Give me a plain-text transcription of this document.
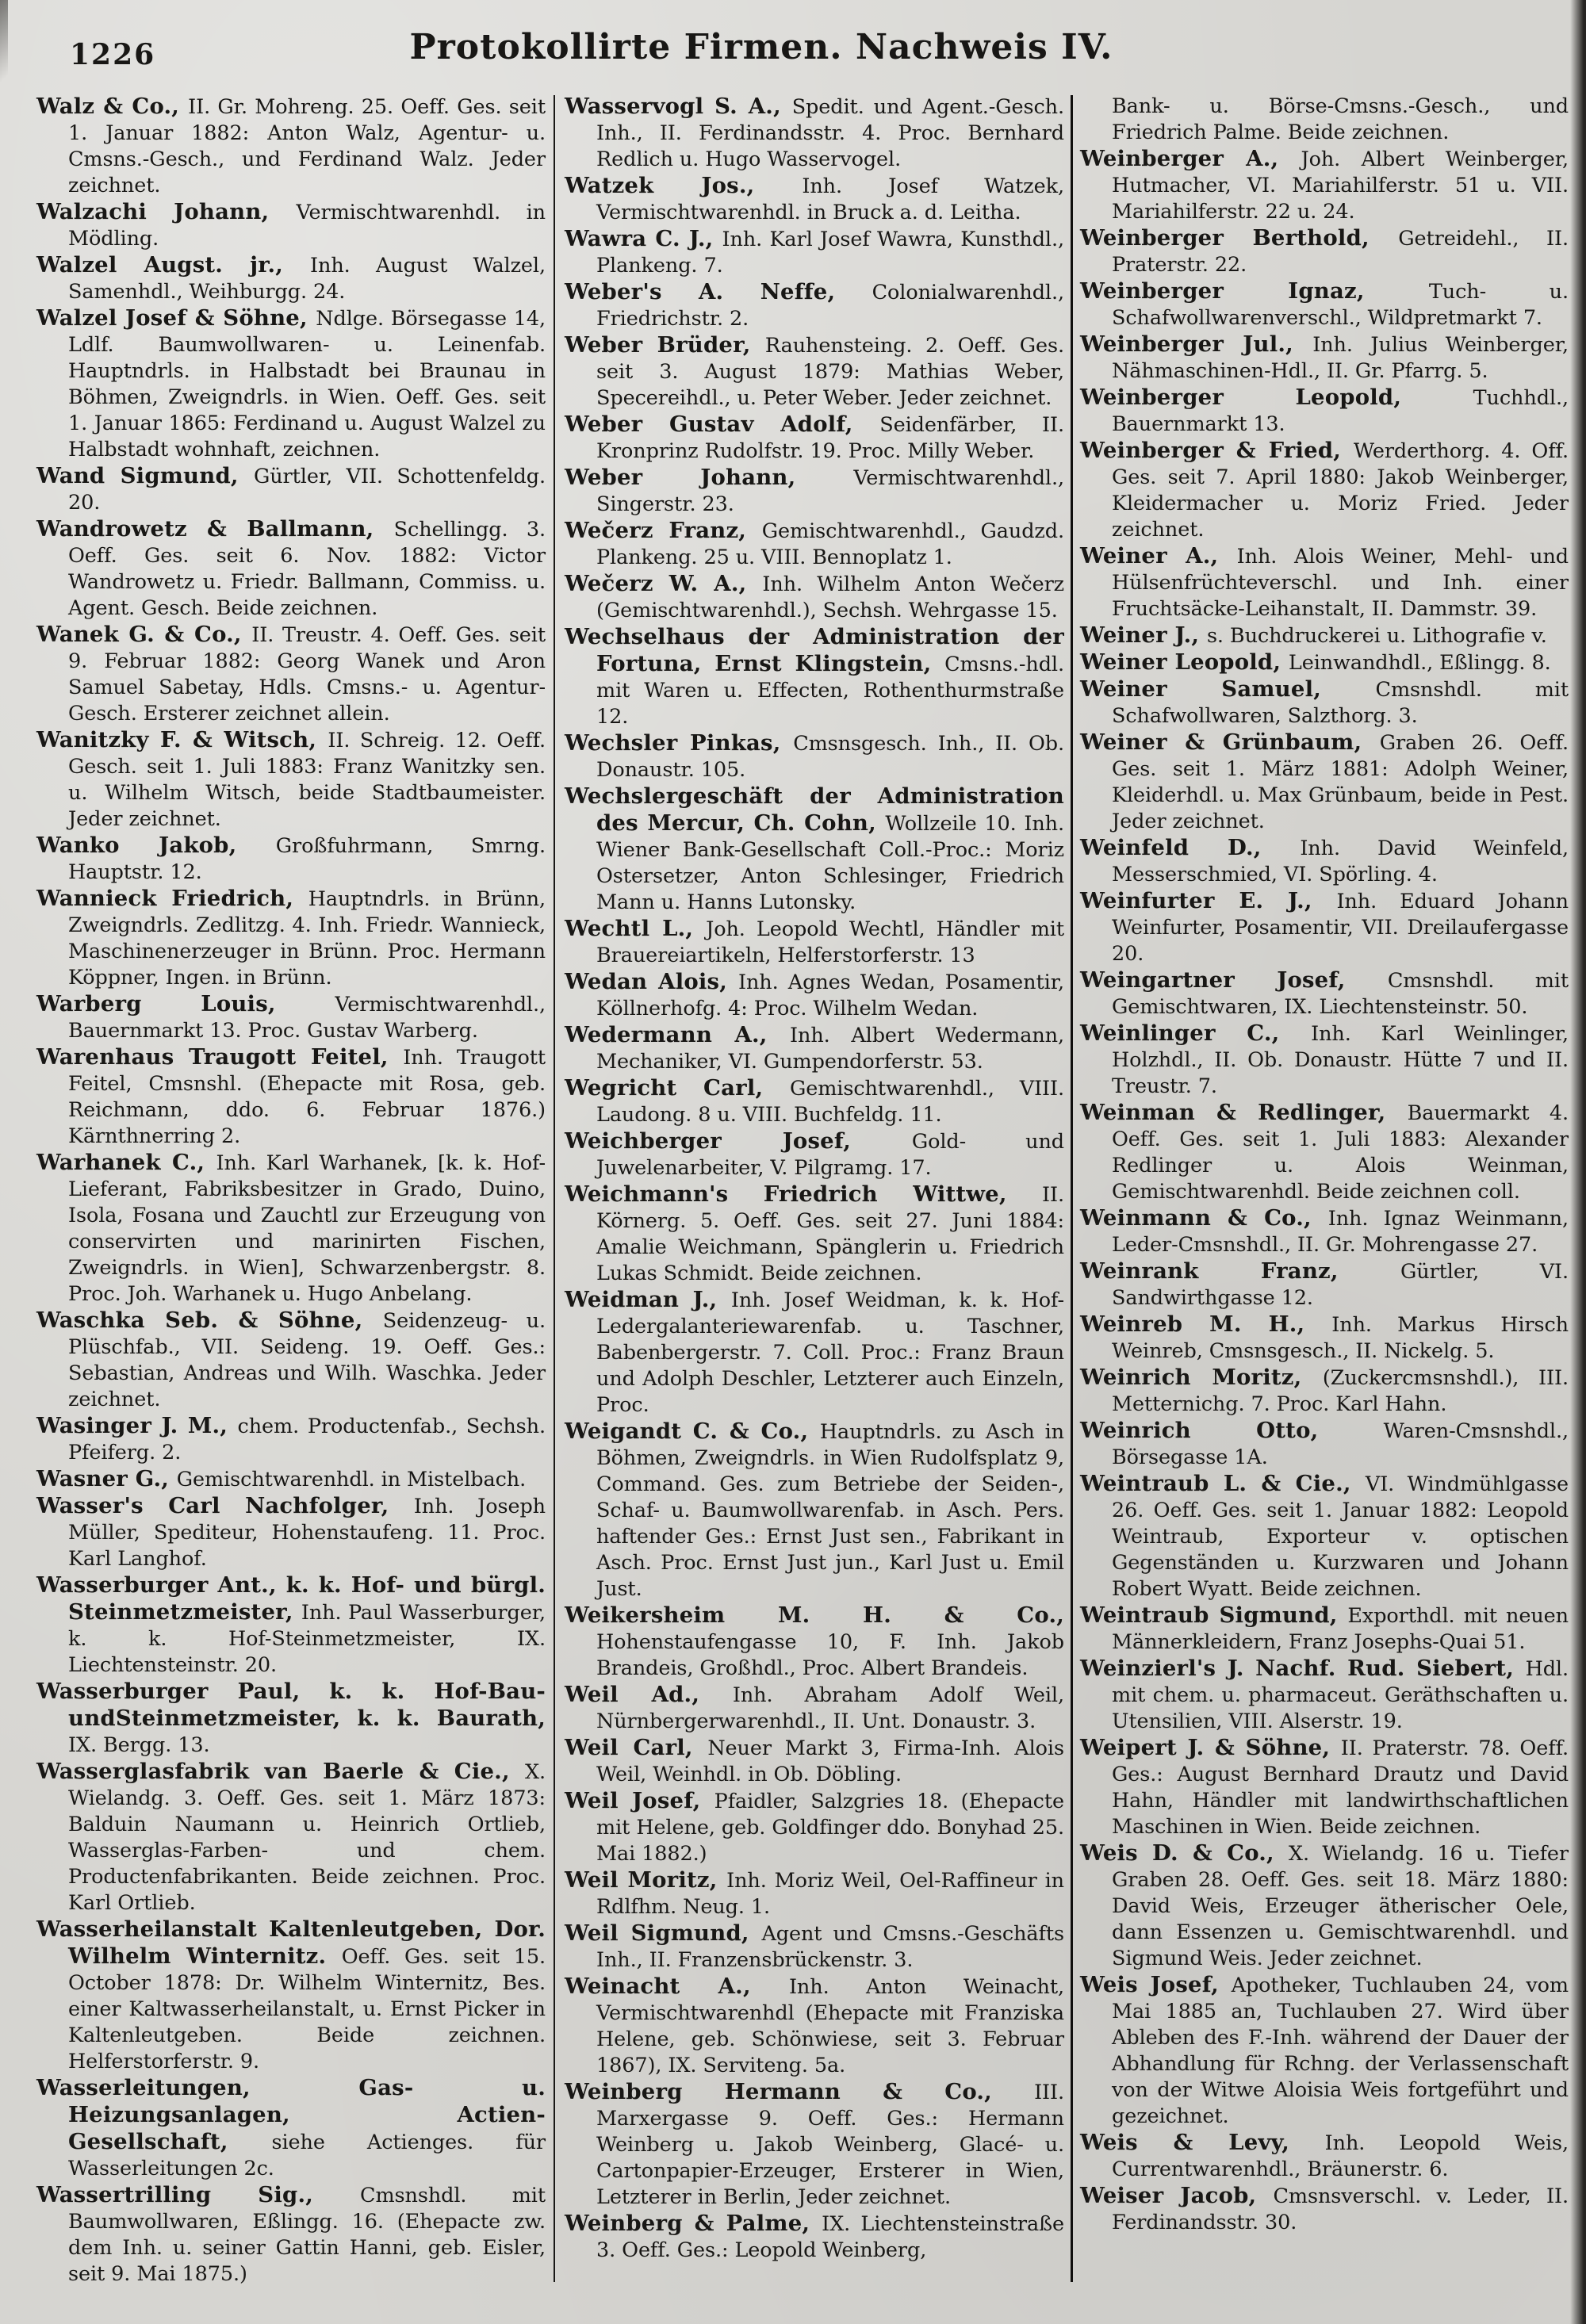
1226	Protokollirte Firmen. Nachweis IV.

Walz & Co., II. Gr. Mohreng. 25. Oeff. Ges. seit 1. Januar 1882: Anton Walz, Agentur- u. Cmsns.-Gesch., und Ferdinand Walz. Jeder zeichnet.

Walzachi Johann, Vermischtwarenhdl. in Mödling.

Walzel Augst. jr., Inh. August Walzel, Samenhdl., Weihburgg. 24.

Walzel Josef & Söhne, Ndlge. Börsegasse 14, Ldlf. Baumwollwaren- u. Leinenfab. Hauptndrls. in Halbstadt bei Braunau in Böhmen, Zweigndrls. in Wien. Oeff. Ges. seit 1. Januar 1865: Ferdinand u. August Walzel zu Halbstadt wohnhaft, zeichnen.

Wand Sigmund, Gürtler, VII. Schottenfeldg. 20.

Wandrowetz & Ballmann, Schellingg. 3. Oeff. Ges. seit 6. Nov. 1882: Victor Wandrowetz u. Friedr. Ballmann, Commiss. u. Agent. Gesch. Beide zeichnen.

Wanek G. & Co., II. Treustr. 4. Oeff. Ges. seit 9. Februar 1882: Georg Wanek und Aron Samuel Sabetay, Hdls. Cmsns.- u. Agentur-Gesch. Ersterer zeichnet allein.

Wanitzky F. & Witsch, II. Schreig. 12. Oeff. Gesch. seit 1. Juli 1883: Franz Wanitzky sen. u. Wilhelm Witsch, beide Stadtbaumeister. Jeder zeichnet.

Wanko Jakob, Großfuhrmann, Smrng. Hauptstr. 12.

Wannieck Friedrich, Hauptndrls. in Brünn, Zweigndrls. Zedlitzg. 4. Inh. Friedr. Wannieck, Maschinenerzeuger in Brünn. Proc. Hermann Köppner, Ingen. in Brünn.

Warberg Louis, Vermischtwarenhdl., Bauernmarkt 13. Proc. Gustav Warberg.

Warenhaus Traugott Feitel, Inh. Traugott Feitel, Cmsnshl. (Ehepacte mit Rosa, geb. Reichmann, ddo. 6. Februar 1876.) Kärnthnerring 2.

Warhanek C., Inh. Karl Warhanek, [k. k. Hof-Lieferant, Fabriksbesitzer in Grado, Duino, Isola, Fosana und Zauchtl zur Erzeugung von conservirten und marinirten Fischen, Zweigndrls. in Wien], Schwarzenbergstr. 8. Proc. Joh. Warhanek u. Hugo Anbelang.

Waschka Seb. & Söhne, Seidenzeug- u. Plüschfab., VII. Seideng. 19. Oeff. Ges.: Sebastian, Andreas und Wilh. Waschka. Jeder zeichnet.

Wasinger J. M., chem. Productenfab., Sechsh. Pfeiferg. 2.

Wasner G., Gemischtwarenhdl. in Mistelbach.

Wasser's Carl Nachfolger, Inh. Joseph Müller, Spediteur, Hohenstaufeng. 11. Proc. Karl Langhof.

Wasserburger Ant., k. k. Hof- und bürgl. Steinmetzmeister, Inh. Paul Wasserburger, k. k. Hof-Steinmetzmeister, IX. Liechtensteinstr. 20.

Wasserburger Paul, k. k. Hof-Bau- undSteinmetzmeister, k. k. Baurath, IX. Bergg. 13.

Wasserglasfabrik van Baerle & Cie., X. Wielandg. 3. Oeff. Ges. seit 1. März 1873: Balduin Naumann u. Heinrich Ortlieb, Wasserglas-Farben- und chem. Productenfabrikanten. Beide zeichnen. Proc. Karl Ortlieb.

Wasserheilanstalt Kaltenleutgeben, Dor. Wilhelm Winternitz. Oeff. Ges. seit 15. October 1878: Dr. Wilhelm Winternitz, Bes. einer Kaltwasserheilanstalt, u. Ernst Picker in Kaltenleutgeben. Beide zeichnen. Helferstorferstr. 9.

Wasserleitungen, Gas- u. Heizungsanlagen, Actien-Gesellschaft, siehe Actienges. für Wasserleitungen 2c.

Wassertrilling Sig., Cmsnshdl. mit Baumwollwaren, Eßlingg. 16. (Ehepacte zw. dem Inh. u. seiner Gattin Hanni, geb. Eisler, seit 9. Mai 1875.)

Wasservogl S. A., Spedit. und Agent.-Gesch. Inh., II. Ferdinandsstr. 4. Proc. Bernhard Redlich u. Hugo Wasservogel.

Watzek Jos., Inh. Josef Watzek, Vermischtwarenhdl. in Bruck a. d. Leitha.

Wawra C. J., Inh. Karl Josef Wawra, Kunsthdl., Plankeng. 7.

Weber's A. Neffe, Colonialwarenhdl., Friedrichstr. 2.

Weber Brüder, Rauhensteing. 2. Oeff. Ges. seit 3. August 1879: Mathias Weber, Specereihdl., u. Peter Weber. Jeder zeichnet.

Weber Gustav Adolf, Seidenfärber, II. Kronprinz Rudolfstr. 19. Proc. Milly Weber.

Weber Johann, Vermischtwarenhdl., Singerstr. 23.

Wečerz Franz, Gemischtwarenhdl., Gaudzd. Plankeng. 25 u. VIII. Bennoplatz 1.

Wečerz W. A., Inh. Wilhelm Anton Wečerz (Gemischtwarenhdl.), Sechsh. Wehrgasse 15.

Wechselhaus der Administration der Fortuna, Ernst Klingstein, Cmsns.-hdl. mit Waren u. Effecten, Rothenthurmstraße 12.

Wechsler Pinkas, Cmsnsgesch. Inh., II. Ob. Donaustr. 105.

Wechslergeschäft der Administration des Mercur, Ch. Cohn, Wollzeile 10. Inh. Wiener Bank-Gesellschaft Coll.-Proc.: Moriz Ostersetzer, Anton Schlesinger, Friedrich Mann u. Hanns Lutonsky.

Wechtl L., Joh. Leopold Wechtl, Händler mit Brauereiartikeln, Helferstorferstr. 13

Wedan Alois, Inh. Agnes Wedan, Posamentir, Köllnerhofg. 4: Proc. Wilhelm Wedan.

Wedermann A., Inh. Albert Wedermann, Mechaniker, VI. Gumpendorferstr. 53.

Wegricht Carl, Gemischtwarenhdl., VIII. Laudong. 8 u. VIII. Buchfeldg. 11.

Weichberger Josef, Gold- und Juwelenarbeiter, V. Pilgramg. 17.

Weichmann's Friedrich Wittwe, II. Körnerg. 5. Oeff. Ges. seit 27. Juni 1884: Amalie Weichmann, Spänglerin u. Friedrich Lukas Schmidt. Beide zeichnen.

Weidman J., Inh. Josef Weidman, k. k. Hof-Ledergalanteriewarenfab. u. Taschner, Babenbergerstr. 7. Coll. Proc.: Franz Braun und Adolph Deschler, Letzterer auch Einzeln, Proc.

Weigandt C. & Co., Hauptndrls. zu Asch in Böhmen, Zweigndrls. in Wien Rudolfsplatz 9, Command. Ges. zum Betriebe der Seiden-, Schaf- u. Baumwollwarenfab. in Asch. Pers. haftender Ges.: Ernst Just sen., Fabrikant in Asch. Proc. Ernst Just jun., Karl Just u. Emil Just.

Weikersheim M. H. & Co., Hohenstaufengasse 10, F. Inh. Jakob Brandeis, Großhdl., Proc. Albert Brandeis.

Weil Ad., Inh. Abraham Adolf Weil, Nürnbergerwarenhdl., II. Unt. Donaustr. 3.

Weil Carl, Neuer Markt 3, Firma-Inh. Alois Weil, Weinhdl. in Ob. Döbling.

Weil Josef, Pfaidler, Salzgries 18. (Ehepacte mit Helene, geb. Goldfinger ddo. Bonyhad 25. Mai 1882.)

Weil Moritz, Inh. Moriz Weil, Oel-Raffineur in Rdlfhm. Neug. 1.

Weil Sigmund, Agent und Cmsns.-Geschäfts Inh., II. Franzensbrückenstr. 3.

Weinacht A., Inh. Anton Weinacht, Vermischtwarenhdl (Ehepacte mit Franziska Helene, geb. Schönwiese, seit 3. Februar 1867), IX. Serviteng. 5a.

Weinberg Hermann & Co., III. Marxergasse 9. Oeff. Ges.: Hermann Weinberg u. Jakob Weinberg, Glacé- u. Cartonpapier-Erzeuger, Ersterer in Wien, Letzterer in Berlin, Jeder zeichnet.

Weinberg & Palme, IX. Liechtensteinstraße 3. Oeff. Ges.: Leopold Weinberg,

Bank- u. Börse-Cmsns.-Gesch., und Friedrich Palme. Beide zeichnen.

Weinberger A., Joh. Albert Weinberger, Hutmacher, VI. Mariahilferstr. 51 u. VII. Mariahilferstr. 22 u. 24.

Weinberger Berthold, Getreidehl., II. Praterstr. 22.

Weinberger Ignaz, Tuch- u. Schafwollwarenverschl., Wildpretmarkt 7.

Weinberger Jul., Inh. Julius Weinberger, Nähmaschinen-Hdl., II. Gr. Pfarrg. 5.

Weinberger Leopold, Tuchhdl., Bauernmarkt 13.

Weinberger & Fried, Werderthorg. 4. Off. Ges. seit 7. April 1880: Jakob Weinberger, Kleidermacher u. Moriz Fried. Jeder zeichnet.

Weiner A., Inh. Alois Weiner, Mehl- und Hülsenfrüchteverschl. und Inh. einer Fruchtsäcke-Leihanstalt, II. Dammstr. 39.

Weiner J., s. Buchdruckerei u. Lithografie v.

Weiner Leopold, Leinwandhdl., Eßlingg. 8.

Weiner Samuel, Cmsnshdl. mit Schafwollwaren, Salzthorg. 3.

Weiner & Grünbaum, Graben 26. Oeff. Ges. seit 1. März 1881: Adolph Weiner, Kleiderhdl. u. Max Grünbaum, beide in Pest. Jeder zeichnet.

Weinfeld D., Inh. David Weinfeld, Messerschmied, VI. Spörling. 4.

Weinfurter E. J., Inh. Eduard Johann Weinfurter, Posamentir, VII. Dreilaufergasse 20.

Weingartner Josef, Cmsnshdl. mit Gemischtwaren, IX. Liechtensteinstr. 50.

Weinlinger C., Inh. Karl Weinlinger, Holzhdl., II. Ob. Donaustr. Hütte 7 und II. Treustr. 7.

Weinman & Redlinger, Bauermarkt 4. Oeff. Ges. seit 1. Juli 1883: Alexander Redlinger u. Alois Weinman, Gemischtwarenhdl. Beide zeichnen coll.

Weinmann & Co., Inh. Ignaz Weinmann, Leder-Cmsnshdl., II. Gr. Mohrengasse 27.

Weinrank Franz, Gürtler, VI. Sandwirthgasse 12.

Weinreb M. H., Inh. Markus Hirsch Weinreb, Cmsnsgesch., II. Nickelg. 5.

Weinrich Moritz, (Zuckercmsnshdl.), III. Metternichg. 7. Proc. Karl Hahn.

Weinrich Otto, Waren-Cmsnshdl., Börsegasse 1A.

Weintraub L. & Cie., VI. Windmühlgasse 26. Oeff. Ges. seit 1. Januar 1882: Leopold Weintraub, Exporteur v. optischen Gegenständen u. Kurzwaren und Johann Robert Wyatt. Beide zeichnen.

Weintraub Sigmund, Exporthdl. mit neuen Männerkleidern, Franz Josephs-Quai 51.

Weinzierl's J. Nachf. Rud. Siebert, Hdl. mit chem. u. pharmaceut. Geräthschaften u. Utensilien, VIII. Alserstr. 19.

Weipert J. & Söhne, II. Praterstr. 78. Oeff. Ges.: August Bernhard Drautz und David Hahn, Händler mit landwirthschaftlichen Maschinen in Wien. Beide zeichnen.

Weis D. & Co., X. Wielandg. 16 u. Tiefer Graben 28. Oeff. Ges. seit 18. März 1880: David Weis, Erzeuger ätherischer Oele, dann Essenzen u. Gemischtwarenhdl. und Sigmund Weis. Jeder zeichnet.

Weis Josef, Apotheker, Tuchlauben 24, vom Mai 1885 an, Tuchlauben 27. Wird über Ableben des F.-Inh. während der Dauer der Abhandlung für Rchng. der Verlassenschaft von der Witwe Aloisia Weis fortgeführt und gezeichnet.

Weis & Levy, Inh. Leopold Weis, Currentwarenhdl., Bräunerstr. 6.

Weiser Jacob, Cmsnsverschl. v. Leder, II. Ferdinandsstr. 30.
